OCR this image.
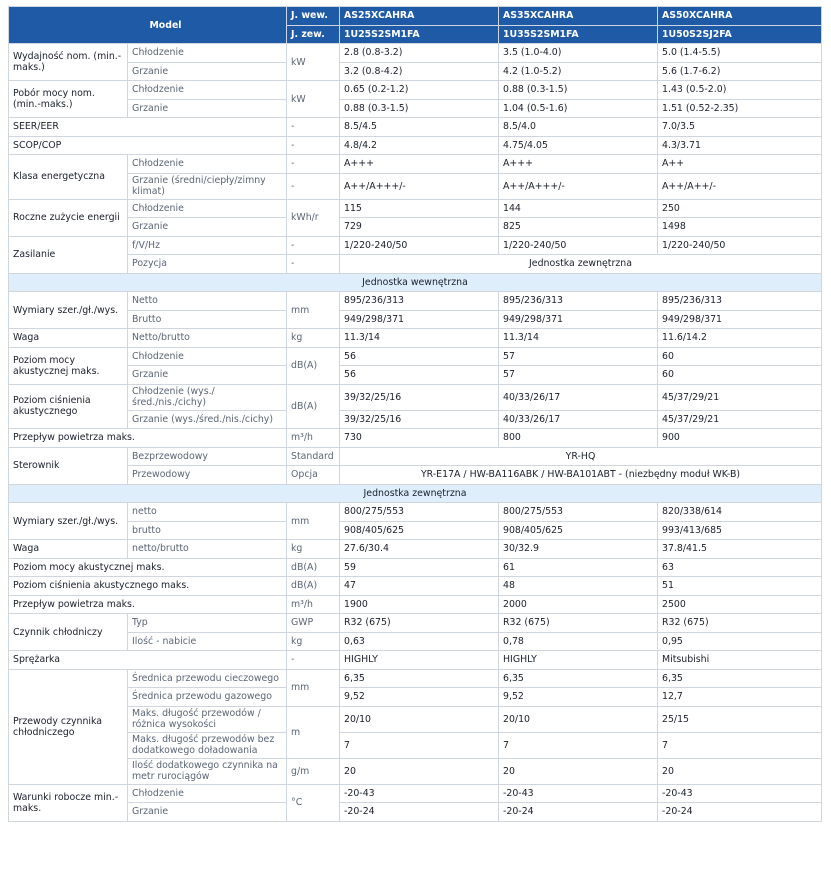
Model		J. wew.	AS25XCAHRA	AS35XCAHRA	AS50XCAHRA
		J. zew.	1U25S2SM1FA	1U35S2SM1FA	1U50S2SJ2FA
Wydajność nom. (min.-maks.)	Chłodzenie	kW	2.8 (0.8-3.2)	3.5 (1.0-4.0)	5.0 (1.4-5.5)
	Grzanie		3.2 (0.8-4.2)	4.2 (1.0-5.2)	5.6 (1.7-6.2)
Pobór mocy nom. (min.-maks.)	Chłodzenie	kW	0.65 (0.2-1.2)	0.88 (0.3-1.5)	1.43 (0.5-2.0)
	Grzanie		0.88 (0.3-1.5)	1.04 (0.5-1.6)	1.51 (0.52-2.35)
SEER/EER		-	8.5/4.5	8.5/4.0	7.0/3.5
SCOP/COP		-	4.8/4.2	4.75/4.05	4.3/3.71
Klasa energetyczna	Chłodzenie	-	A+++	A+++	A++
	Grzanie (średni/ciepły/zimny klimat)	-	A++/A+++/-	A++/A+++/-	A++/A++/-
Roczne zużycie energii	Chłodzenie	kWh/r	115	144	250
	Grzanie		729	825	1498
Zasilanie	f/V/Hz	-	1/220-240/50	1/220-240/50	1/220-240/50
	Pozycja	-	Jednostka zewnętrzna		
Jednostka wewnętrzna					
Wymiary szer./gł./wys.	Netto	mm	895/236/313	895/236/313	895/236/313
	Brutto		949/298/371	949/298/371	949/298/371
Waga	Netto/brutto	kg	11.3/14	11.3/14	11.6/14.2
Poziom mocy akustycznej maks.	Chłodzenie	dB(A)	56	57	60
	Grzanie		56	57	60
Poziom ciśnienia akustycznego	Chłodzenie (wys./śred./nis./cichy)	dB(A)	39/32/25/16	40/33/26/17	45/37/29/21
	Grzanie (wys./śred./nis./cichy)		39/32/25/16	40/33/26/17	45/37/29/21
Przepływ powietrza maks.		m³/h	730	800	900
Sterownik	Bezprzewodowy	Standard	YR-HQ		
	Przewodowy	Opcja	YR-E17A / HW-BA116ABK / HW-BA101ABT - (niezbędny moduł WK-B)		
Jednostka zewnętrzna					
Wymiary szer./gł./wys.	netto	mm	800/275/553	800/275/553	820/338/614
	brutto		908/405/625	908/405/625	993/413/685
Waga	netto/brutto	kg	27.6/30.4	30/32.9	37.8/41.5
Poziom mocy akustycznej maks.		dB(A)	59	61	63
Poziom ciśnienia akustycznego maks.		dB(A)	47	48	51
Przepływ powietrza maks.		m³/h	1900	2000	2500
Czynnik chłodniczy	Typ	GWP	R32 (675)	R32 (675)	R32 (675)
	Ilość - nabicie	kg	0,63	0,78	0,95
Sprężarka		-	HIGHLY	HIGHLY	Mitsubishi
Przewody czynnika chłodniczego	Średnica przewodu cieczowego	mm	6,35	6,35	6,35
	Średnica przewodu gazowego		9,52	9,52	12,7
	Maks. długość przewodów / różnica wysokości	m	20/10	20/10	25/15
	Maks. długość przewodów bez dodatkowego doładowania		7	7	7
	Ilość dodatkowego czynnika na metr rurociągów	g/m	20	20	20
Warunki robocze min.-maks.	Chłodzenie	°C	-20-43	-20-43	-20-43
	Grzanie		-20-24	-20-24	-20-24
